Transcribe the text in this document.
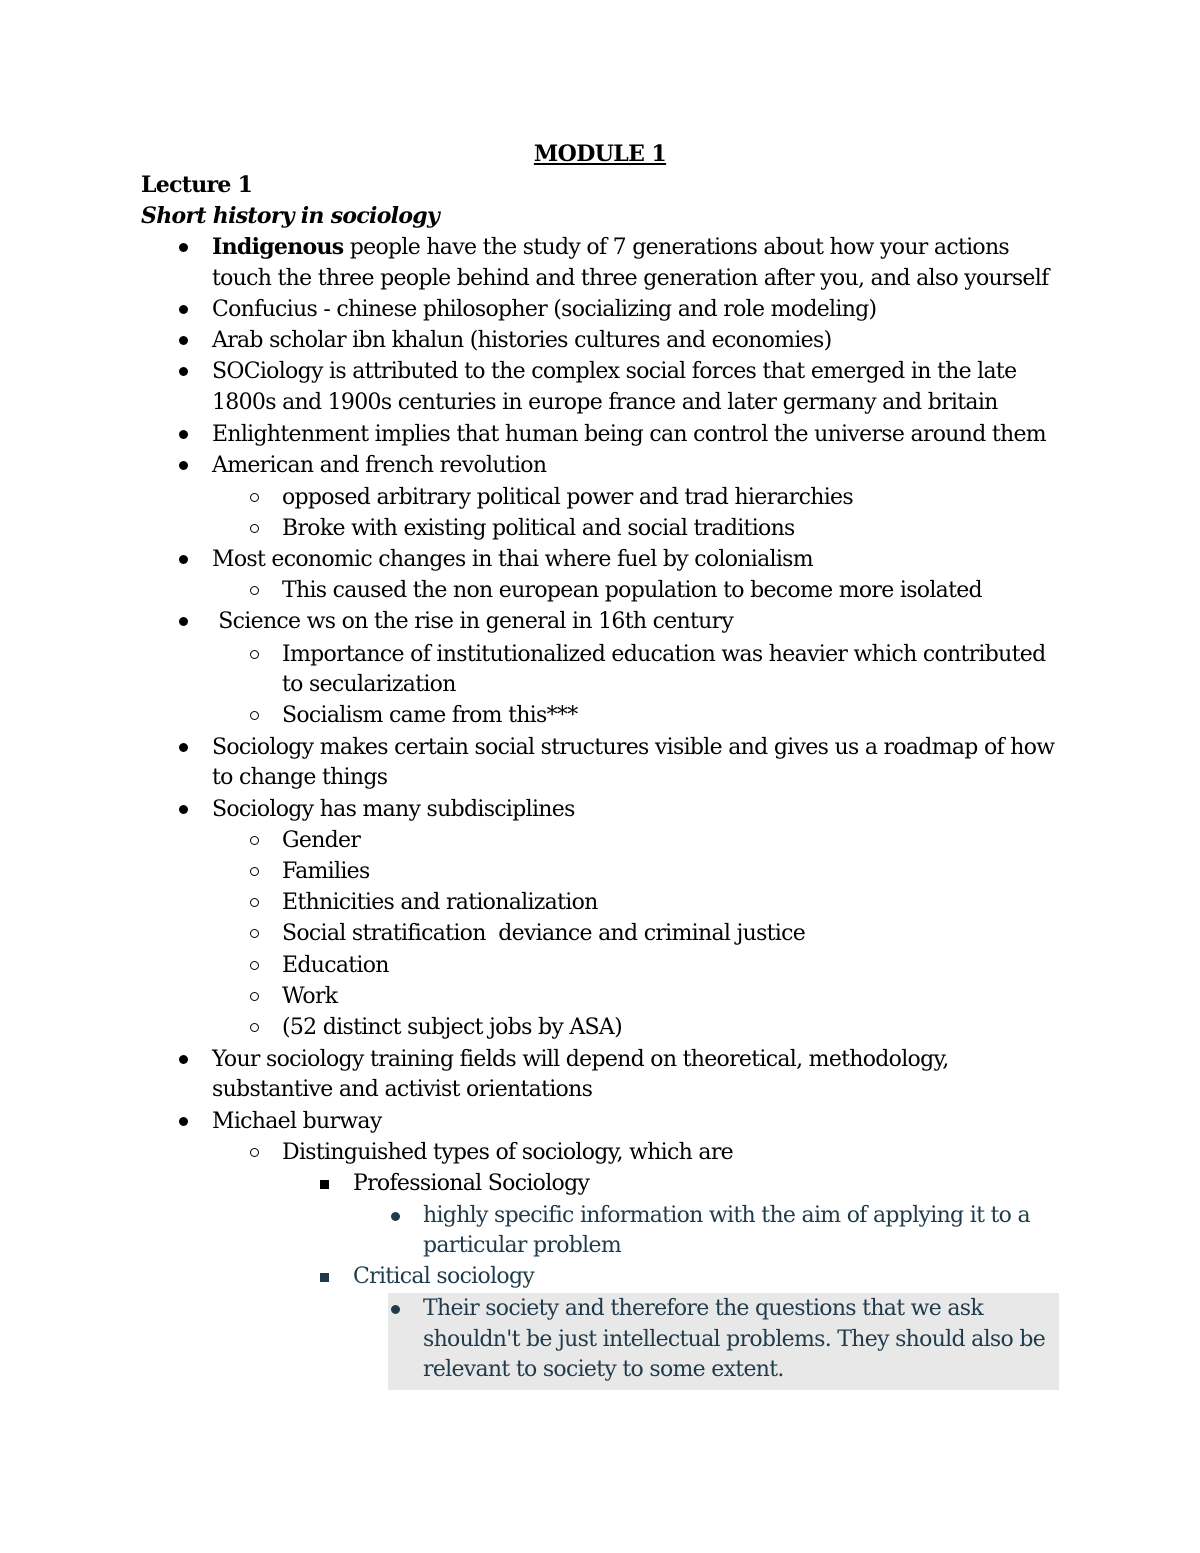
MODULE 1
Lecture 1
Short history in sociology
Indigenous people have the study of 7 generations about how your actions
touch the three people behind and three generation after you, and also yourself
Confucius - chinese philosopher (socializing and role modeling)
Arab scholar ibn khalun (histories cultures and economies)
SOCiology is attributed to the complex social forces that emerged in the late
1800s and 1900s centuries in europe france and later germany and britain
Enlightenment implies that human being can control the universe around them
American and french revolution
opposed arbitrary political power and trad hierarchies
Broke with existing political and social traditions
Most economic changes in thai where fuel by colonialism
This caused the non european population to become more isolated
Science ws on the rise in general in 16th century
Importance of institutionalized education was heavier which contributed
to secularization
Socialism came from this***
Sociology makes certain social structures visible and gives us a roadmap of how
to change things
Sociology has many subdisciplines
Gender
Families
Ethnicities and rationalization
Social stratification  deviance and criminal justice
Education
Work
(52 distinct subject jobs by ASA)
Your sociology training fields will depend on theoretical, methodology,
substantive and activist orientations
Michael burway
Distinguished types of sociology, which are
Professional Sociology
highly specific information with the aim of applying it to a
particular problem
Critical sociology
Their society and therefore the questions that we ask
shouldn't be just intellectual problems. They should also be
relevant to society to some extent.
